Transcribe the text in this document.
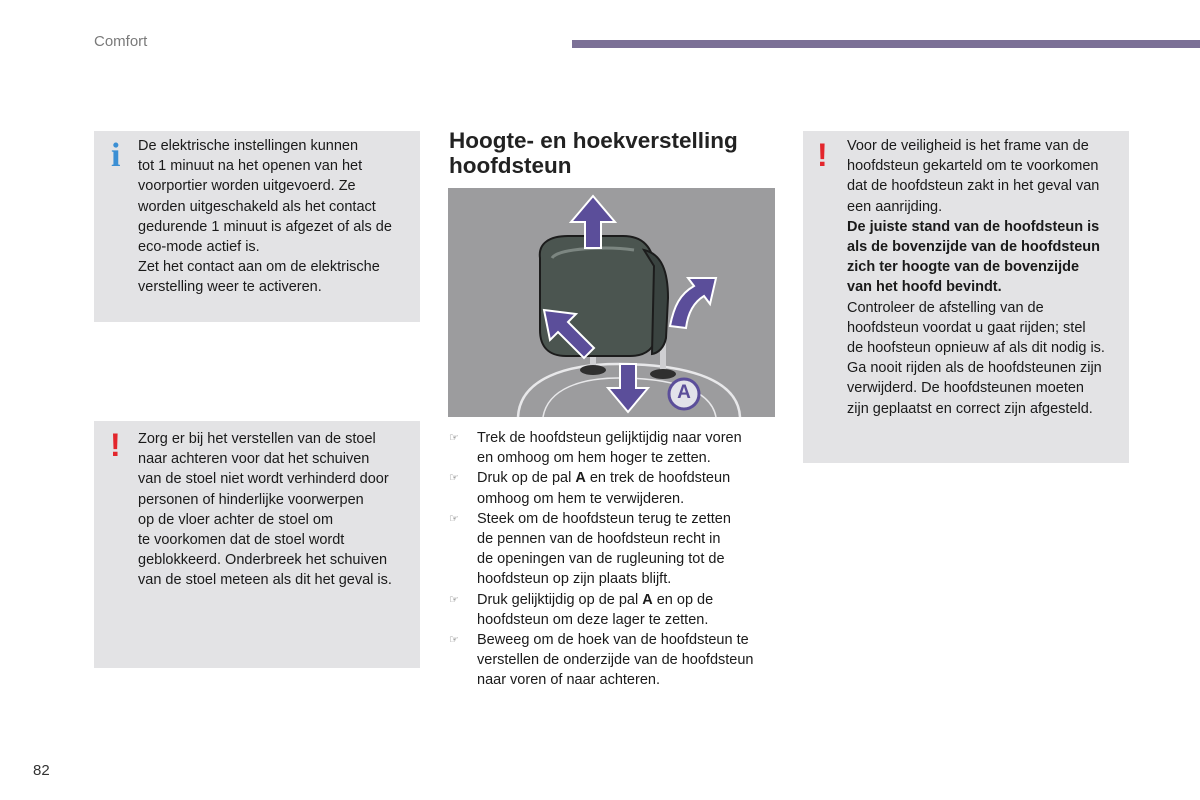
Comfort
i De elektrische instellingen kunnen

tot 1 minuut na het openen van het

voorportier worden uitgevoerd. Ze

worden uitgeschakeld als het contact

gedurende 1 minuut is afgezet of als de

eco-mode actief is.

Zet het contact aan om de elektrische

verstelling weer te activeren.

! Zorg er bij het verstellen van de stoel

naar achteren voor dat het schuiven

van de stoel niet wordt verhinderd door

personen of hinderlijke voorwerpen

op de vloer achter de stoel om

te voorkomen dat de stoel wordt

geblokkeerd. Onderbreek het schuiven

van de stoel meteen als dit het geval is.

Hoogte- en hoekverstelling
hoofdsteun
A
☞ Trek de hoofdsteun gelijktijdig naar voren
en omhoog om hem hoger te zetten.
☞ Druk op de pal A en trek de hoofdsteun
omhoog om hem te verwijderen.
☞ Steek om de hoofdsteun terug te zetten
de pennen van de hoofdsteun recht in
de openingen van de rugleuning tot de
hoofdsteun op zijn plaats blijft.
☞ Druk gelijktijdig op de pal A en op de
hoofdsteun om deze lager te zetten.
☞ Beweeg om de hoek van de hoofdsteun te
verstellen de onderzijde van de hoofdsteun
naar voren of naar achteren.
! Voor de veiligheid is het frame van de

hoofdsteun gekarteld om te voorkomen

dat de hoofdsteun zakt in het geval van

een aanrijding.

De juiste stand van de hoofdsteun is

als de bovenzijde van de hoofdsteun

zich ter hoogte van de bovenzijde

van het hoofd bevindt.

Controleer de afstelling van de

hoofdsteun voordat u gaat rijden; stel

de hoofsteun opnieuw af als dit nodig is.

Ga nooit rijden als de hoofdsteunen zijn

verwijderd. De hoofdsteunen moeten

zijn geplaatst en correct zijn afgesteld.

82
